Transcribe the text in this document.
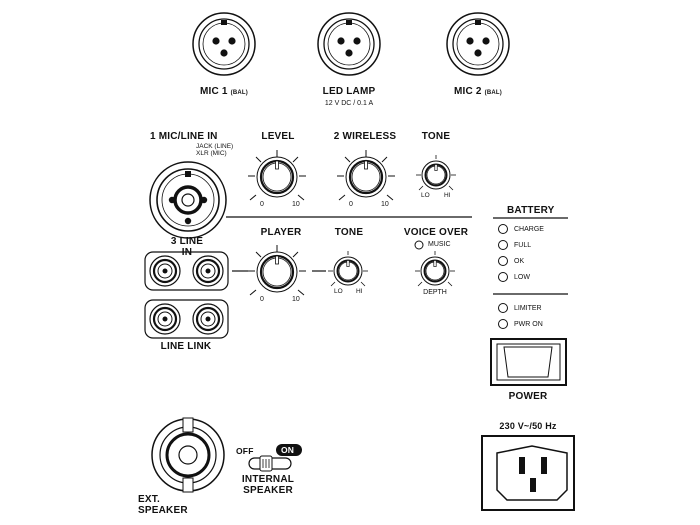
MIC 1 (BAL)	LED LAMP
12 V DC / 0.1 A
MIC 2 (BAL)
1 MIC/LINE IN
JACK (LINE)
XLR (MIC)
LEVEL
0	10
2 WIRELESS
0	10
TONE
LO HI
3 LINE
IN
LINE LINK
PLAYER
0	10
TONE
LO HI
VOICE OVER
MUSIC
DEPTH
BATTERY
CHARGE
FULL
OK
LOW
LIMITER
PWR ON
POWER
230 V~/50 Hz
EXT.
SPEAKER
OFF	ON
INTERNAL
SPEAKER
